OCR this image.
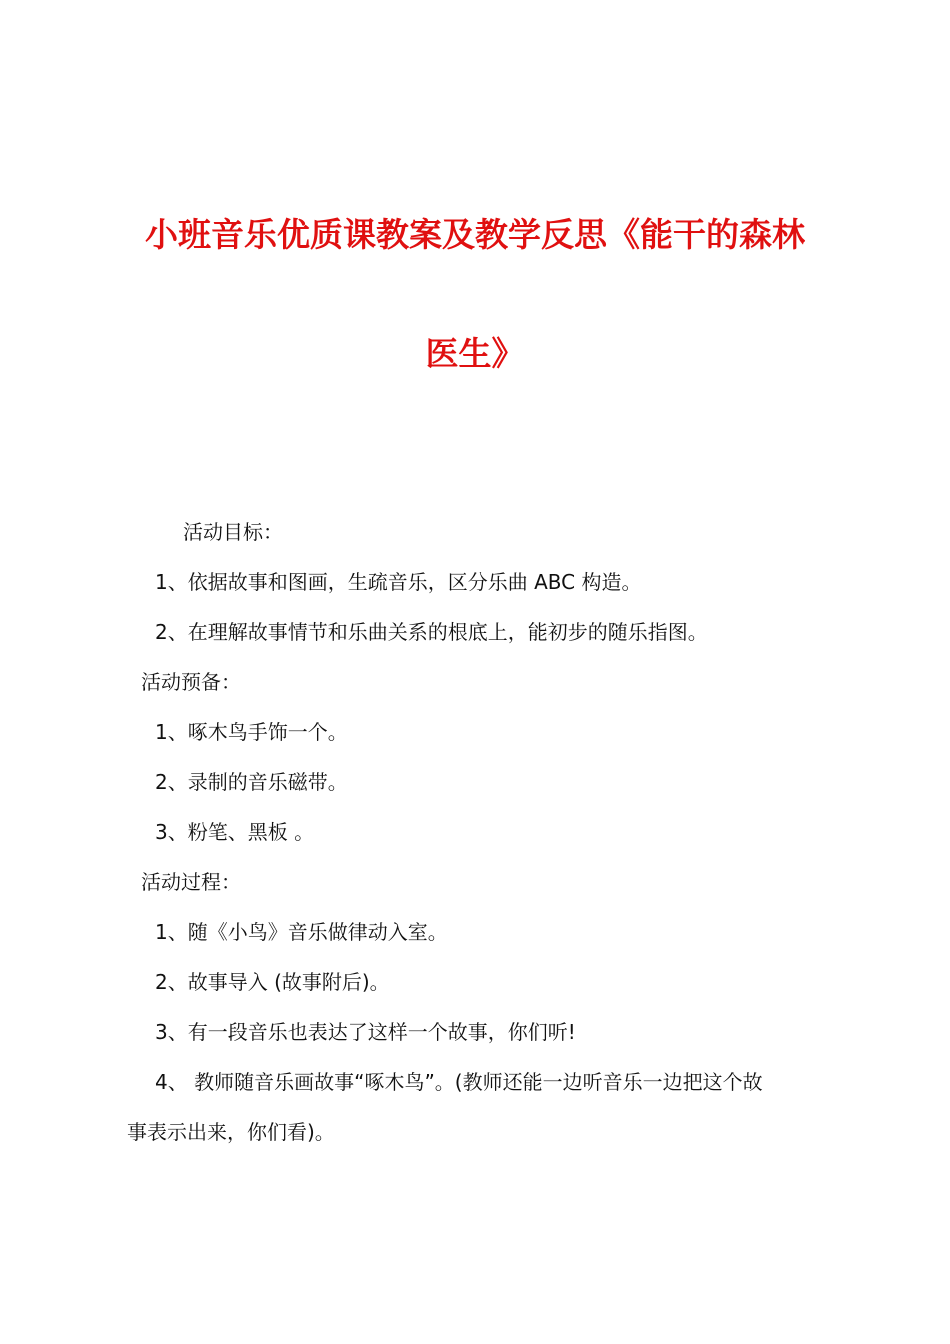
小班音乐优质课教案及教学反思《能干的森林
医生》
活动目标：
1、依据故事和图画，生疏音乐，区分乐曲 ABC 构造。
2、在理解故事情节和乐曲关系的根底上，能初步的随乐指图。
活动预备：
1、啄木鸟手饰一个。
2、录制的音乐磁带。
3、粉笔、黑板 。
活动过程：
1、随《小鸟》音乐做律动入室。
2、故事导入 (故事附后)。
3、有一段音乐也表达了这样一个故事，你们听!
4、 教师随音乐画故事“啄木鸟”。(教师还能一边听音乐一边把这个故
事表示出来，你们看)。
